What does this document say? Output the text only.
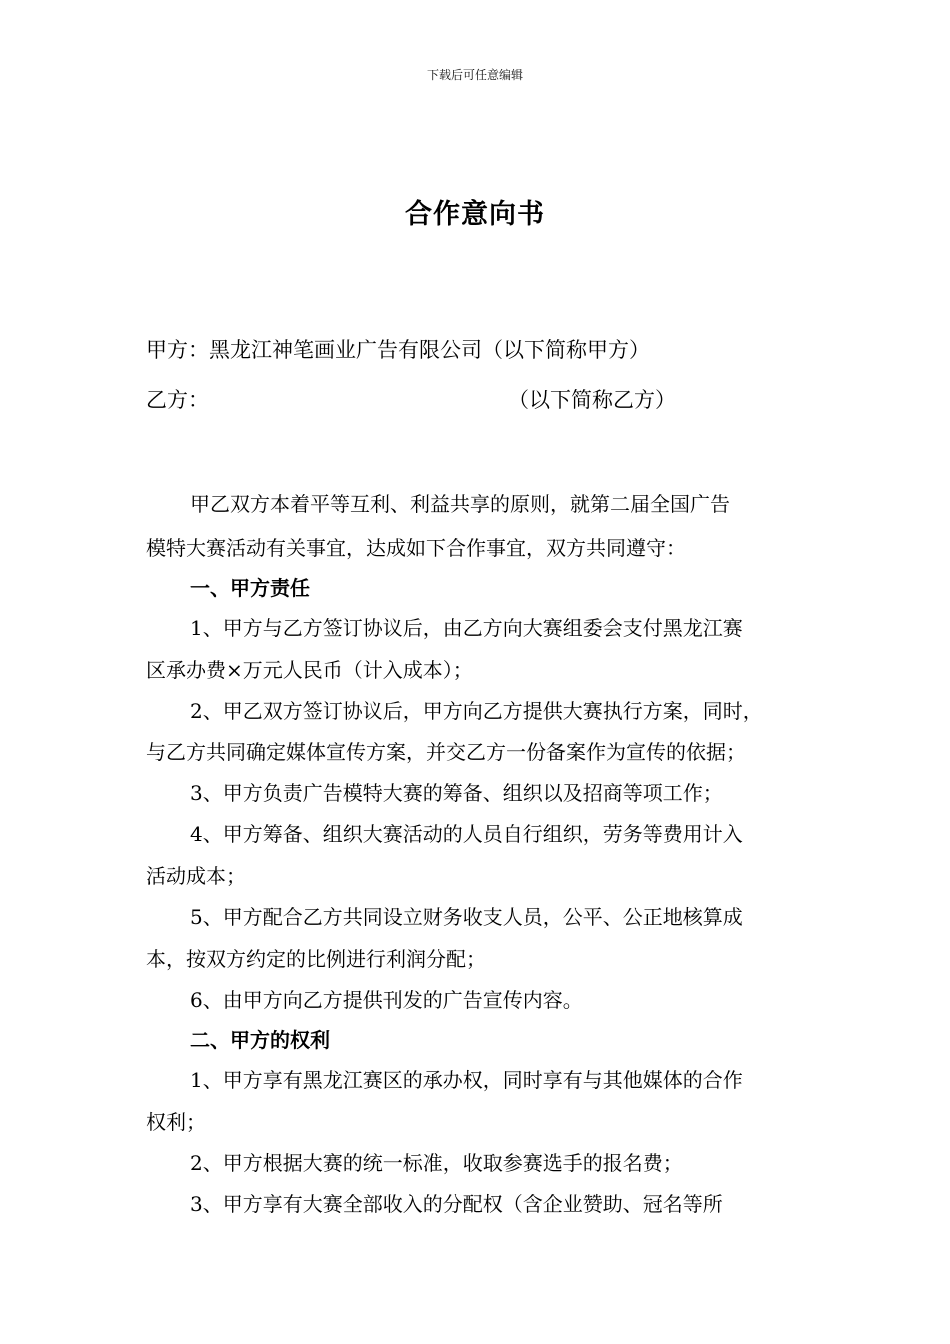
下载后可任意编辑
合作意向书
甲方：黑龙江神笔画业广告有限公司（以下简称甲方）
乙方：	（以下简称乙方）
甲乙双方本着平等互利、利益共享的原则，就第二届全国广告
模特大赛活动有关事宜，达成如下合作事宜，双方共同遵守：
一、甲方责任
1、甲方与乙方签订协议后，由乙方向大赛组委会支付黑龙江赛
区承办费×万元人民币（计入成本）；
2、甲乙双方签订协议后，甲方向乙方提供大赛执行方案，同时，
与乙方共同确定媒体宣传方案，并交乙方一份备案作为宣传的依据；
3、甲方负责广告模特大赛的筹备、组织以及招商等项工作；
4、甲方筹备、组织大赛活动的人员自行组织，劳务等费用计入
活动成本；
5、甲方配合乙方共同设立财务收支人员，公平、公正地核算成
本，按双方约定的比例进行利润分配；
6、由甲方向乙方提供刊发的广告宣传内容。
二、甲方的权利
1、甲方享有黑龙江赛区的承办权，同时享有与其他媒体的合作
权利；
2、甲方根据大赛的统一标准，收取参赛选手的报名费；
3、甲方享有大赛全部收入的分配权（含企业赞助、冠名等所
